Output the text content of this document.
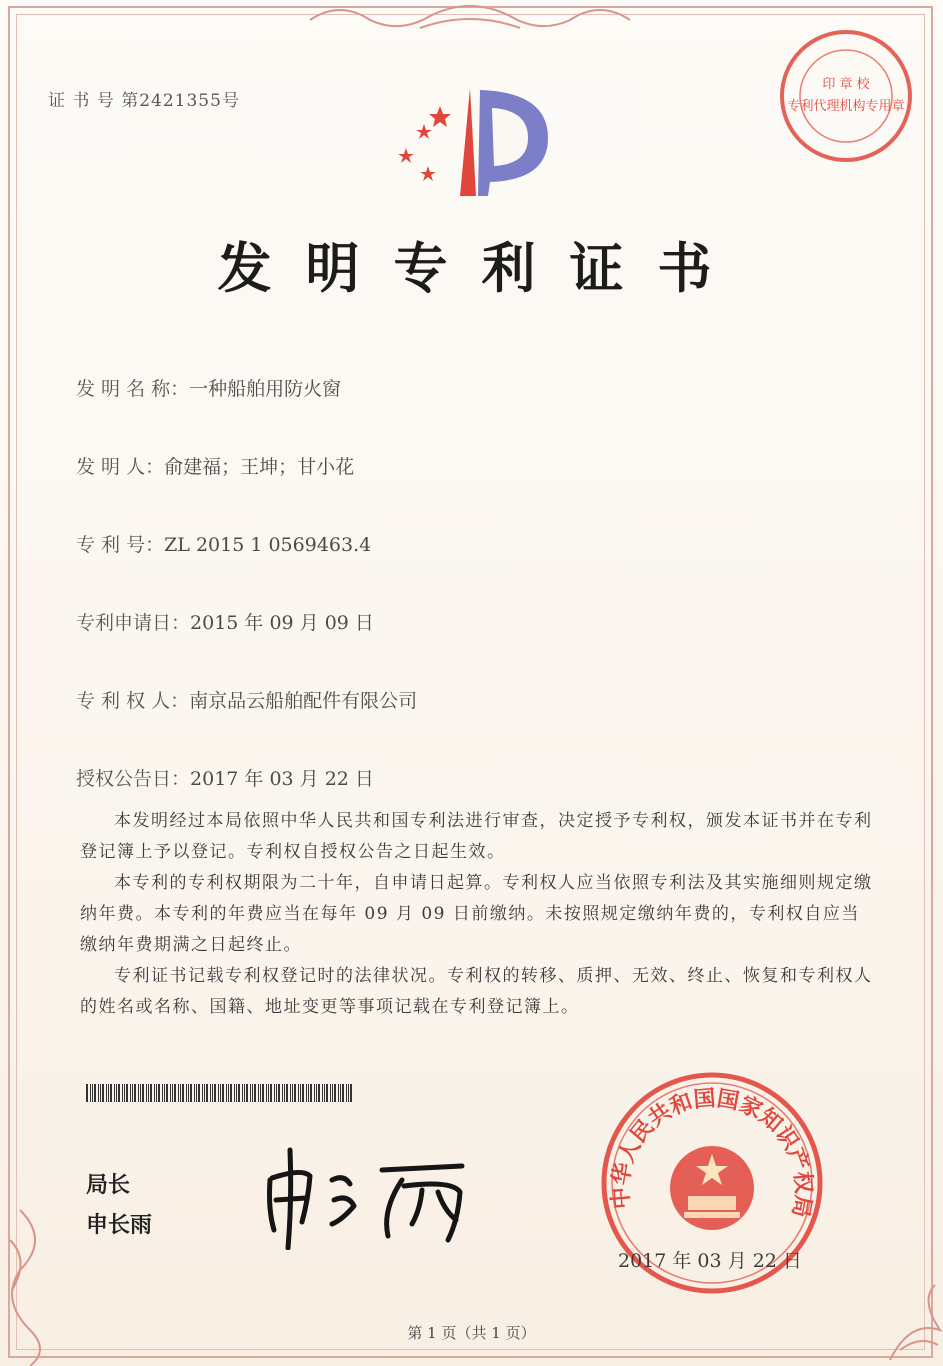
证 书 号 第2421355号
发明专利证书
印 章 校
专利代理机构专用章
发 明 名 称：一种船舶用防火窗
发 明 人：俞建福；王坤；甘小花
专 利 号：ZL 2015 1 0569463.4
专利申请日：2015 年 09 月 09 日
专 利 权 人：南京品云船舶配件有限公司
授权公告日：2017 年 03 月 22 日

本发明经过本局依照中华人民共和国专利法进行审查，决定授予专利权，颁发本证书并在专利登记簿上予以登记。专利权自授权公告之日起生效。

本专利的专利权期限为二十年，自申请日起算。专利权人应当依照专利法及其实施细则规定缴纳年费。本专利的年费应当在每年 09 月 09 日前缴纳。未按照规定缴纳年费的，专利权自应当缴纳年费期满之日起终止。

专利证书记载专利权登记时的法律状况。专利权的转移、质押、无效、终止、恢复和专利权人的姓名或名称、国籍、地址变更等事项记载在专利登记簿上。

局长
申长雨
中华人民共和国国家知识产权局
2017 年 03 月 22 日
第 1 页（共 1 页）
